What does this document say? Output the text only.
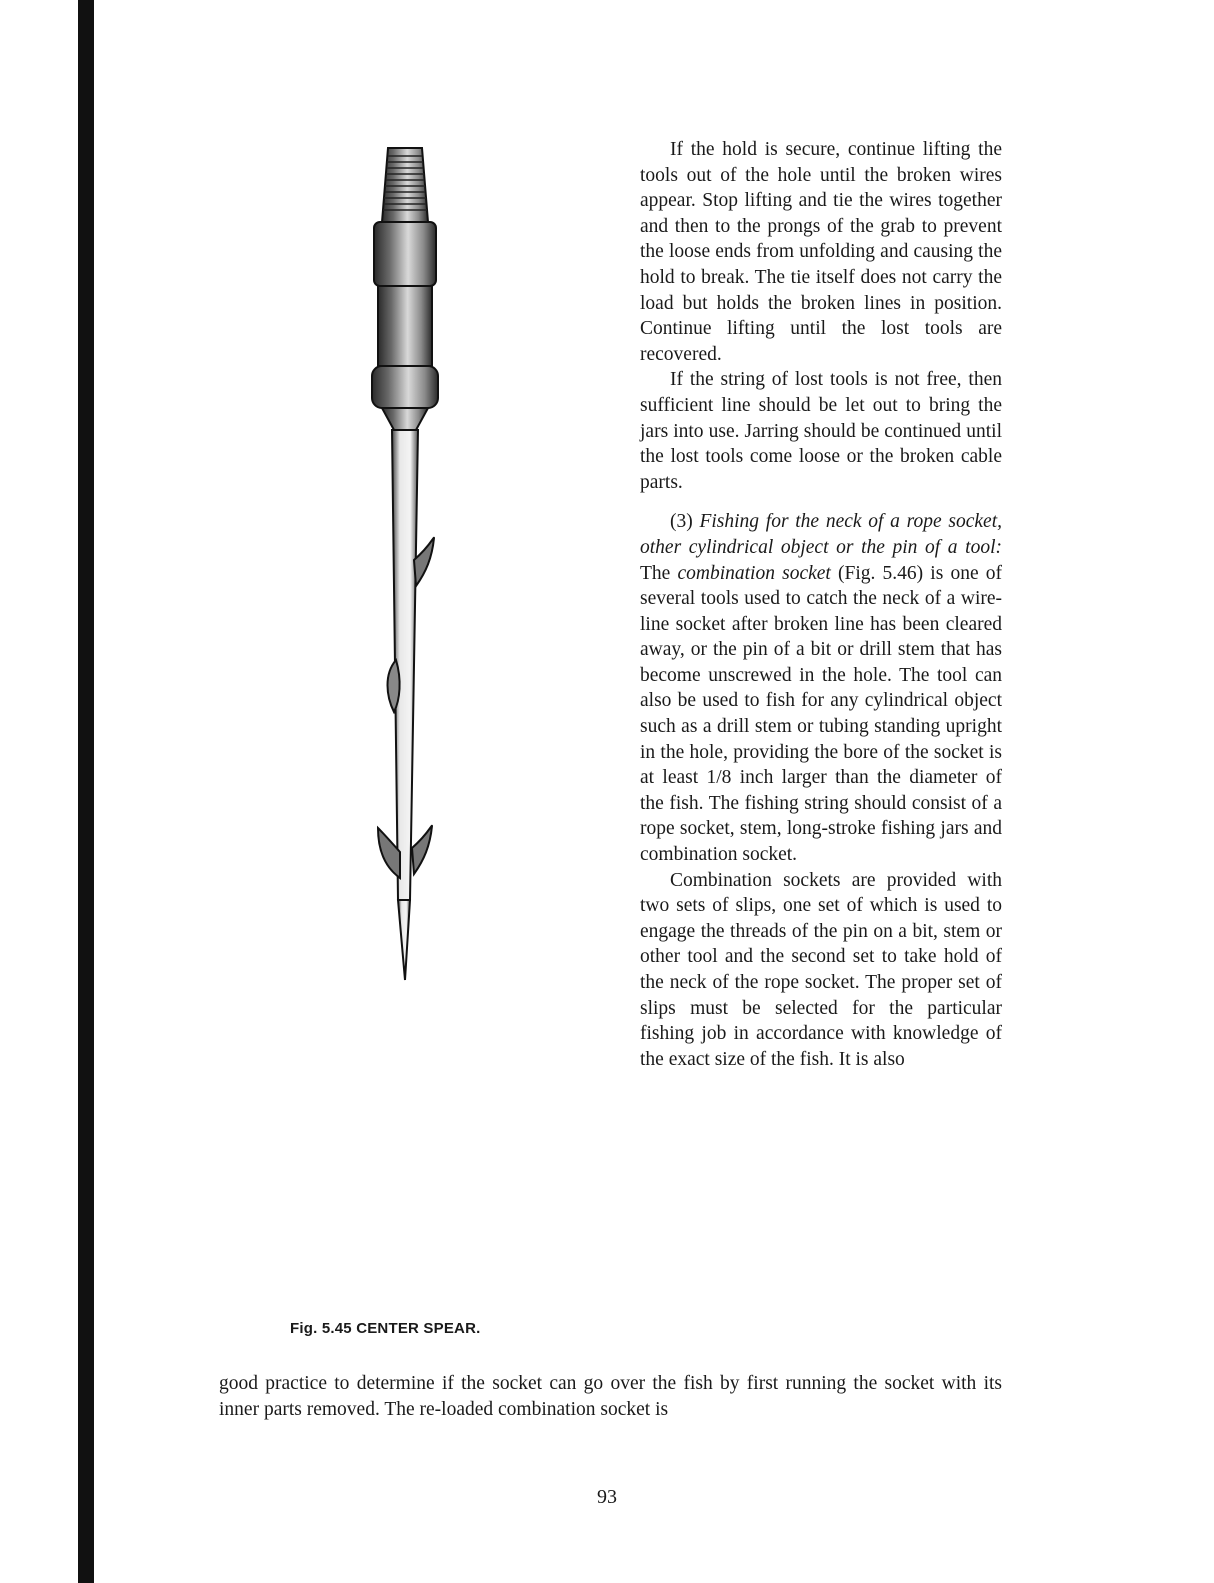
Fig. 5.45 CENTER SPEAR.

If the hold is secure, continue lifting the tools out of the hole until the broken wires appear. Stop lifting and tie the wires together and then to the prongs of the grab to prevent the loose ends from unfolding and causing the hold to break. The tie itself does not carry the load but holds the broken lines in position. Continue lifting until the lost tools are recovered.

If the string of lost tools is not free, then sufficient line should be let out to bring the jars into use. Jarring should be continued until the lost tools come loose or the broken cable parts.

(3) Fishing for the neck of a rope socket, other cylindrical object or the pin of a tool: The combination socket (Fig. 5.46) is one of several tools used to catch the neck of a wire-line socket after broken line has been cleared away, or the pin of a bit or drill stem that has become unscrewed in the hole. The tool can also be used to fish for any cylindrical object such as a drill stem or tubing standing upright in the hole, providing the bore of the socket is at least 1/8 inch larger than the diameter of the fish. The fishing string should consist of a rope socket, stem, long-stroke fishing jars and combination socket.

Combination sockets are provided with two sets of slips, one set of which is used to engage the threads of the pin on a bit, stem or other tool and the second set to take hold of the neck of the rope socket. The proper set of slips must be selected for the particular fishing job in accordance with knowledge of the exact size of the fish. It is also

good practice to determine if the socket can go over the fish by first running the socket with its inner parts removed. The re-loaded combination socket is

93
